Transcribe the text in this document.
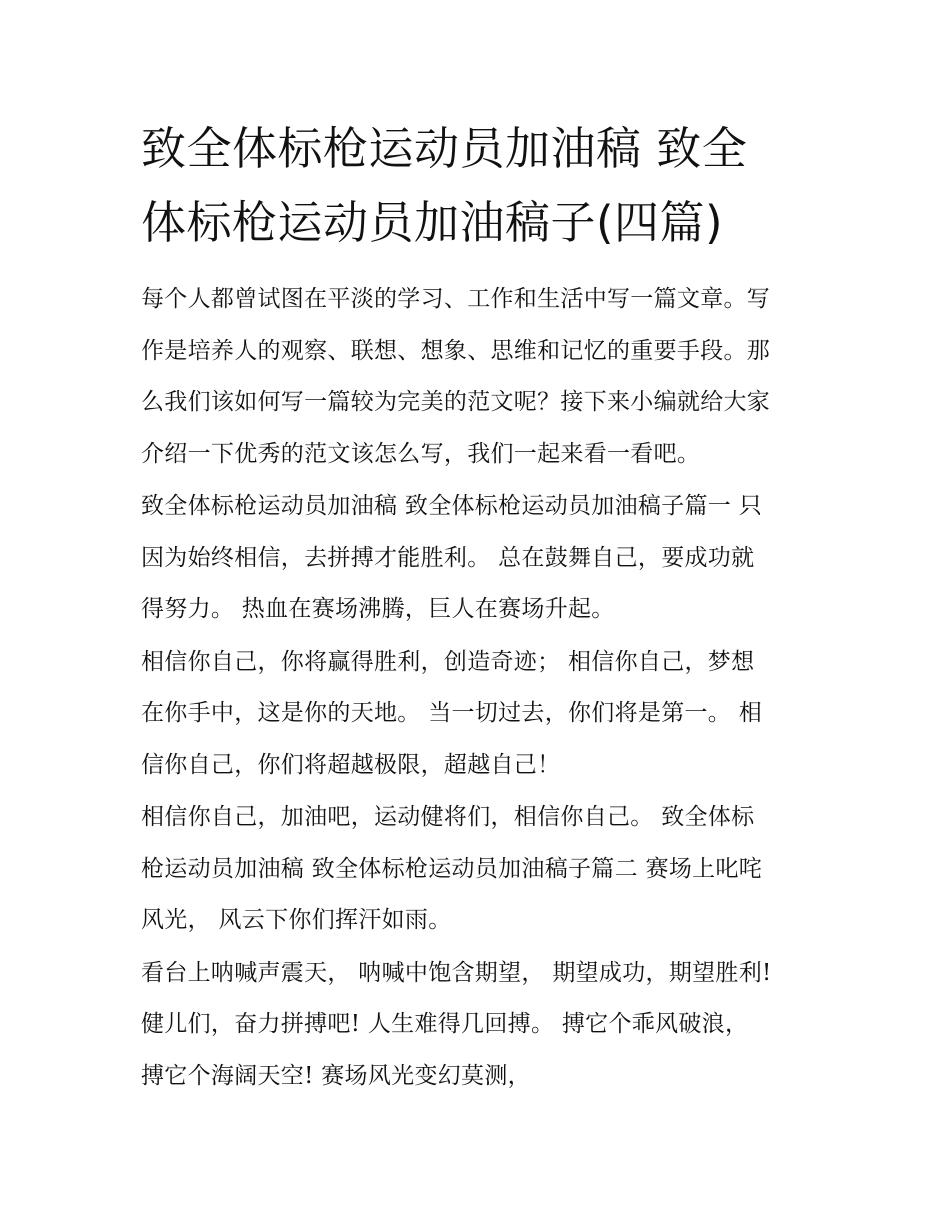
致全体标枪运动员加油稿 致全
体标枪运动员加油稿子(四篇)

每个人都曾试图在平淡的学习、工作和生活中写一篇文章。写
作是培养人的观察、联想、想象、思维和记忆的重要手段。那
么我们该如何写一篇较为完美的范文呢？接下来小编就给大家
介绍一下优秀的范文该怎么写，我们一起来看一看吧。

致全体标枪运动员加油稿 致全体标枪运动员加油稿子篇一 只
因为始终相信，去拼搏才能胜利。 总在鼓舞自己，要成功就
得努力。 热血在赛场沸腾，巨人在赛场升起。

相信你自己，你将赢得胜利，创造奇迹； 相信你自己，梦想
在你手中，这是你的天地。 当一切过去，你们将是第一。 相
信你自己，你们将超越极限，超越自己！

相信你自己，加油吧，运动健将们，相信你自己。 致全体标
枪运动员加油稿 致全体标枪运动员加油稿子篇二 赛场上叱咤
风光， 风云下你们挥汗如雨。

看台上呐喊声震天， 呐喊中饱含期望， 期望成功，期望胜利!
健儿们，奋力拼搏吧! 人生难得几回搏。 搏它个乖风破浪，
搏它个海阔天空! 赛场风光变幻莫测，
